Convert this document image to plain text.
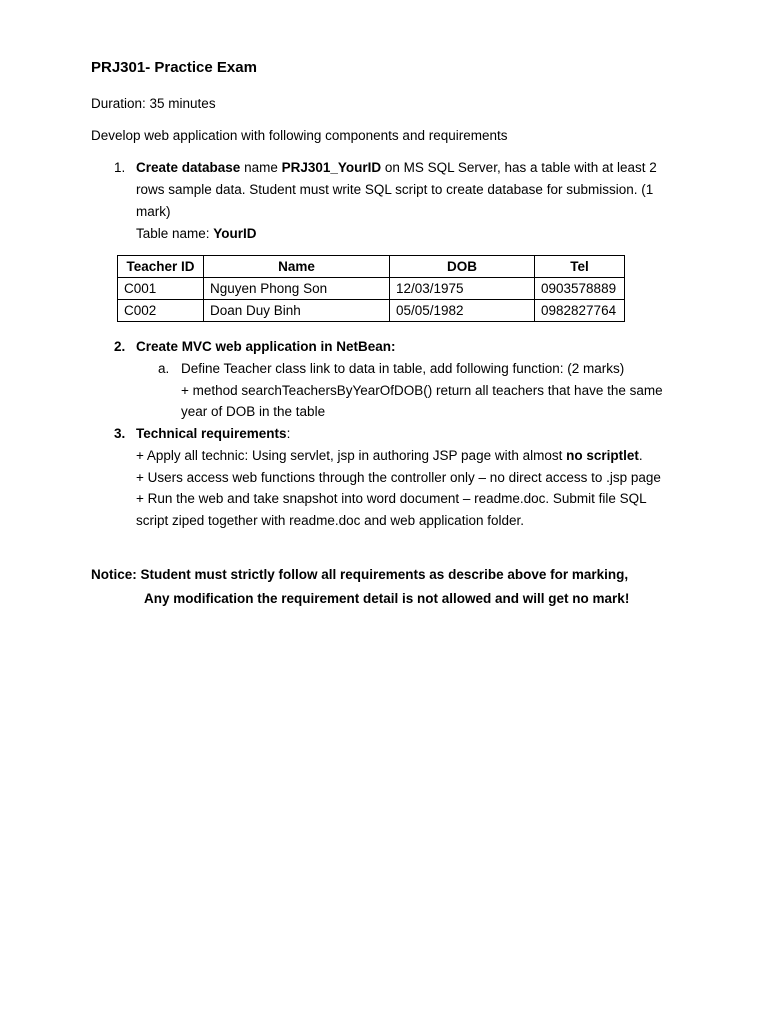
PRJ301- Practice Exam
Duration: 35 minutes
Develop web application with following components and requirements
1. Create database name PRJ301_YourID on MS SQL Server, has a table with at least 2
rows sample data. Student must write SQL script to create database for submission. (1
mark)
Table name: YourID
Teacher ID	Name	DOB	Tel
C001	Nguyen Phong Son	12/03/1975	0903578889
C002	Doan Duy Binh	05/05/1982	0982827764
2. Create MVC web application in NetBean:
a. Define Teacher class link to data in table, add following function: (2 marks)
+ method searchTeachersByYearOfDOB() return all teachers that have the same
year of DOB in the table
3. Technical requirements:
+ Apply all technic: Using servlet, jsp in authoring JSP page with almost no scriptlet.
+ Users access web functions through the controller only – no direct access to .jsp page
+ Run the web and take snapshot into word document – readme.doc. Submit file SQL
script ziped together with readme.doc and web application folder.
Notice: Student must strictly follow all requirements as describe above for marking,
Any modification the requirement detail is not allowed and will get no mark!
